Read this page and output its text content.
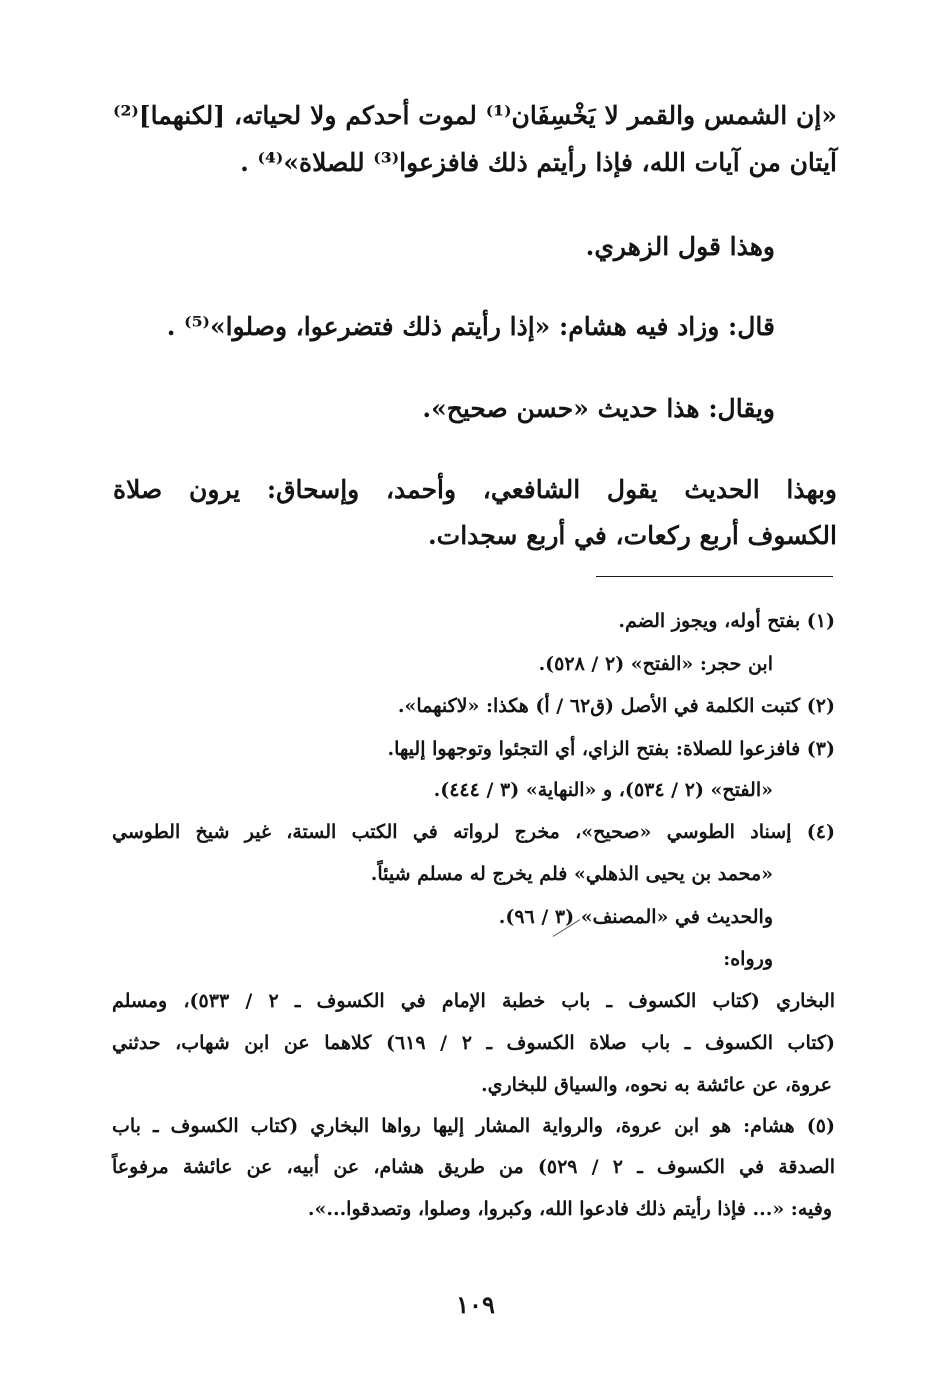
«إن الشمس والقمر لا يَخْسِفَان⁽¹⁾ لموت أحدكم ولا لحياته، [لكنهما]⁽²⁾
آيتان من آيات الله، فإذا رأيتم ذلك فافزعوا⁽³⁾ للصلاة»⁽⁴⁾ .
وهذا قول الزهري.
قال: وزاد فيه هشام: «إذا رأيتم ذلك فتضرعوا، وصلوا»⁽⁵⁾ .
ويقال: هذا حديث «حسن صحيح».
وبهذا الحديث يقول الشافعي، وأحمد، وإسحاق: يرون صلاة
الكسوف أربع ركعات، في أربع سجدات.
(١) بفتح أوله، ويجوز الضم.
ابن حجر: «الفتح» (٢ / ٥٢٨).
(٢) كتبت الكلمة في الأصل (ق٦٢ / أ) هكذا: «لاكنهما».
(٣) فافزعوا للصلاة: بفتح الزاي، أي التجئوا وتوجهوا إليها.
«الفتح» (٢ / ٥٣٤)، و «النهاية» (٣ / ٤٤٤).
(٤) إسناد الطوسي «صحيح»، مخرج لرواته في الكتب الستة، غير شيخ الطوسي
«محمد بن يحيى الذهلي» فلم يخرج له مسلم شيئاً.
والحديث في «المصنف» (٣ / ٩٦).
ورواه:
البخاري (كتاب الكسوف ـ باب خطبة الإمام في الكسوف ـ ٢ / ٥٣٣)، ومسلم
(كتاب الكسوف ـ باب صلاة الكسوف ـ ٢ / ٦١٩) كلاهما عن ابن شهاب، حدثني
عروة، عن عائشة به نحوه، والسياق للبخاري.
(٥) هشام: هو ابن عروة، والرواية المشار إليها رواها البخاري (كتاب الكسوف ـ باب
الصدقة في الكسوف ـ ٢ / ٥٢٩) من طريق هشام، عن أبيه، عن عائشة مرفوعاً
وفيه: «... فإذا رأيتم ذلك فادعوا الله، وكبروا، وصلوا، وتصدقوا...».
١٠٩
